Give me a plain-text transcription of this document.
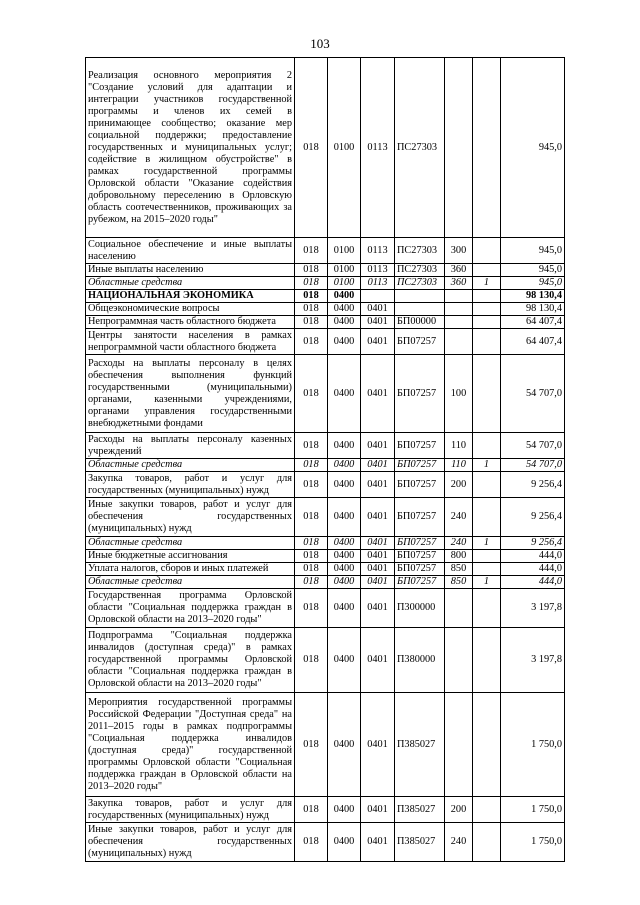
103
Реализация основного мероприятия 2 "Создание условий для адаптации и интеграции участников государственной программы и членов их семей в принимающее сообщество; оказание мер социальной поддержки; предоставление государственных и муниципальных услуг; содействие в жилищном обустройстве" в рамках государственной программы Орловской области "Оказание содействия добровольному переселению в Орловскую область соотечественников, проживающих за рубежом, на 2015–2020 годы"	018	0100	0113	ПС27303			945,0
Социальное обеспечение и иные выплаты населению	018	0100	0113	ПС27303	300		945,0
Иные выплаты населению	018	0100	0113	ПС27303	360		945,0
Областные средства	018	0100	0113	ПС27303	360	1	945,0
НАЦИОНАЛЬНАЯ ЭКОНОМИКА	018	0400					98 130,4
Общеэкономические вопросы	018	0400	0401				98 130,4
Непрограммная часть областного бюджета	018	0400	0401	БП00000			64 407,4
Центры занятости населения в рамках непрограммной части областного бюджета	018	0400	0401	БП07257			64 407,4
Расходы на выплаты персоналу в целях обеспечения выполнения функций государственными (муниципальными) органами, казенными учреждениями, органами управления государственными внебюджетными фондами	018	0400	0401	БП07257	100		54 707,0
Расходы на выплаты персоналу казенных учреждений	018	0400	0401	БП07257	110		54 707,0
Областные средства	018	0400	0401	БП07257	110	1	54 707,0
Закупка товаров, работ и услуг для государственных (муниципальных) нужд	018	0400	0401	БП07257	200		9 256,4
Иные закупки товаров, работ и услуг для обеспечения государственных (муниципальных) нужд	018	0400	0401	БП07257	240		9 256,4
Областные средства	018	0400	0401	БП07257	240	1	9 256,4
Иные бюджетные ассигнования	018	0400	0401	БП07257	800		444,0
Уплата налогов, сборов и иных платежей	018	0400	0401	БП07257	850		444,0
Областные средства	018	0400	0401	БП07257	850	1	444,0
Государственная программа Орловской области "Социальная поддержка граждан в Орловской области на 2013–2020 годы"	018	0400	0401	П300000			3 197,8
Подпрограмма "Социальная поддержка инвалидов (доступная среда)" в рамках государственной программы Орловской области "Социальная поддержка граждан в Орловской области на 2013–2020 годы"	018	0400	0401	П380000			3 197,8
Мероприятия государственной программы Российской Федерации "Доступная среда" на 2011–2015 годы в рамках подпрограммы "Социальная поддержка инвалидов (доступная среда)" государственной программы Орловской области "Социальная поддержка граждан в Орловской области на 2013–2020 годы"	018	0400	0401	П385027			1 750,0
Закупка товаров, работ и услуг для государственных (муниципальных) нужд	018	0400	0401	П385027	200		1 750,0
Иные закупки товаров, работ и услуг для обеспечения государственных (муниципальных) нужд	018	0400	0401	П385027	240		1 750,0
